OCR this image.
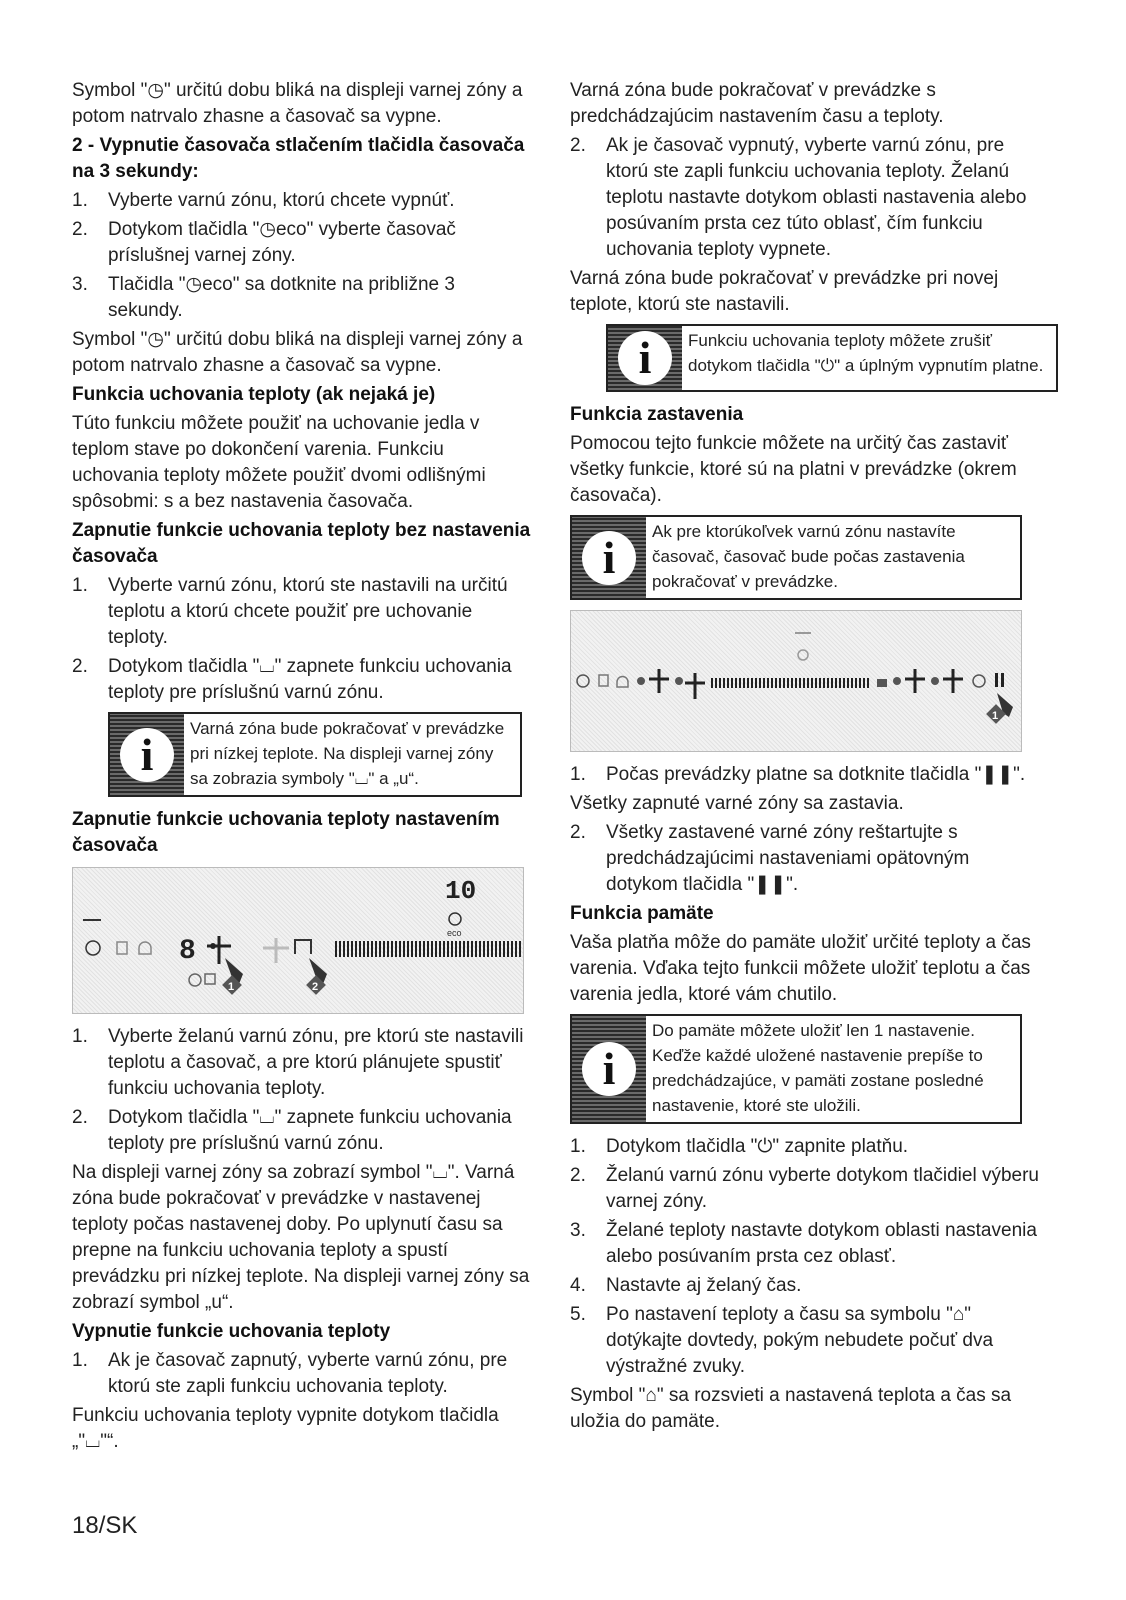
Symbol "◷" určitú dobu bliká na displeji varnej zóny a potom natrvalo zhasne a časovač sa vypne.

2 - Vypnutie časovača stlačením tlačidla časovača na 3 sekundy:

1. Vyberte varnú zónu, ktorú chcete vypnúť.
2. Dotykom tlačidla "◷eco" vyberte časovač príslušnej varnej zóny.
3. Tlačidla "◷eco" sa dotknite na približne 3 sekundy.

Symbol "◷" určitú dobu bliká na displeji varnej zóny a potom natrvalo zhasne a časovač sa vypne.

Funkcia uchovania teploty (ak nejaká je)

Túto funkciu môžete použiť na uchovanie jedla v teplom stave po dokončení varenia. Funkciu uchovania teploty môžete použiť dvomi odlišnými spôsobmi: s a bez nastavenia časovača.

Zapnutie funkcie uchovania teploty bez nastavenia časovača

1. Vyberte varnú zónu, ktorú ste nastavili na určitú teplotu a ktorú chcete použiť pre uchovanie teploty.
2. Dotykom tlačidla "⌴" zapnete funkciu uchovania teploty pre príslušnú varnú zónu.
i Varná zóna bude pokračovať v prevádzke pri nízkej teplote. Na displeji varnej zóny sa zobrazia symboly "⌴" a „u“.

Zapnutie funkcie uchovania teploty nastavením časovača

10
eco
8
1	2
1. Vyberte želanú varnú zónu, pre ktorú ste nastavili teplotu a časovač, a pre ktorú plánujete spustiť funkciu uchovania teploty.
2. Dotykom tlačidla "⌴" zapnete funkciu uchovania teploty pre príslušnú varnú zónu.

Na displeji varnej zóny sa zobrazí symbol "⌴". Varná zóna bude pokračovať v prevádzke v nastavenej teploty počas nastavenej doby. Po uplynutí času sa prepne na funkciu uchovania teploty a spustí prevádzku pri nízkej teplote. Na displeji varnej zóny sa zobrazí symbol „u“.

Vypnutie funkcie uchovania teploty

1. Ak je časovač zapnutý, vyberte varnú zónu, pre ktorú ste zapli funkciu uchovania teploty.

Funkciu uchovania teploty vypnite dotykom tlačidla „"⌴"“.

Varná zóna bude pokračovať v prevádzke s predchádzajúcim nastavením času a teploty.

2. Ak je časovač vypnutý, vyberte varnú zónu, pre ktorú ste zapli funkciu uchovania teploty. Želanú teplotu nastavte dotykom oblasti nastavenia alebo posúvaním prsta cez túto oblasť, čím funkciu uchovania teploty vypnete.

Varná zóna bude pokračovať v prevádzke pri novej teplote, ktorú ste nastavili.

i Funkciu uchovania teploty môžete zrušiť dotykom tlačidla "⏻" a úplným vypnutím platne.

Funkcia zastavenia

Pomocou tejto funkcie môžete na určitý čas zastaviť všetky funkcie, ktoré sú na platni v prevádzke (okrem časovača).

i Ak pre ktorúkoľvek varnú zónu nastavíte časovač, časovač bude počas zastavenia pokračovať v prevádzke.
1
1. Počas prevádzky platne sa dotknite tlačidla "❚❚".

Všetky zapnuté varné zóny sa zastavia.

2. Všetky zastavené varné zóny reštartujte s predchádzajúcimi nastaveniami opätovným dotykom tlačidla "❚❚".

Funkcia pamäte

Vaša platňa môže do pamäte uložiť určité teploty a čas varenia. Vďaka tejto funkcii môžete uložiť teplotu a čas varenia jedla, ktoré vám chutilo.

i
Do pamäte môžete uložiť len 1 nastavenie. Keďže každé uložené nastavenie prepíše to predchádzajúce, v pamäti zostane posledné nastavenie, ktoré ste uložili.
1. Dotykom tlačidla "⏻" zapnite platňu.
2. Želanú varnú zónu vyberte dotykom tlačidiel výberu varnej zóny.
3. Želané teploty nastavte dotykom oblasti nastavenia alebo posúvaním prsta cez oblasť.
4. Nastavte aj želaný čas.
5. Po nastavení teploty a času sa symbolu "⌂" dotýkajte dovtedy, pokým nebudete počuť dva výstražné zvuky.

Symbol "⌂" sa rozsvieti a nastavená teplota a čas sa uložia do pamäte.

18/SK
